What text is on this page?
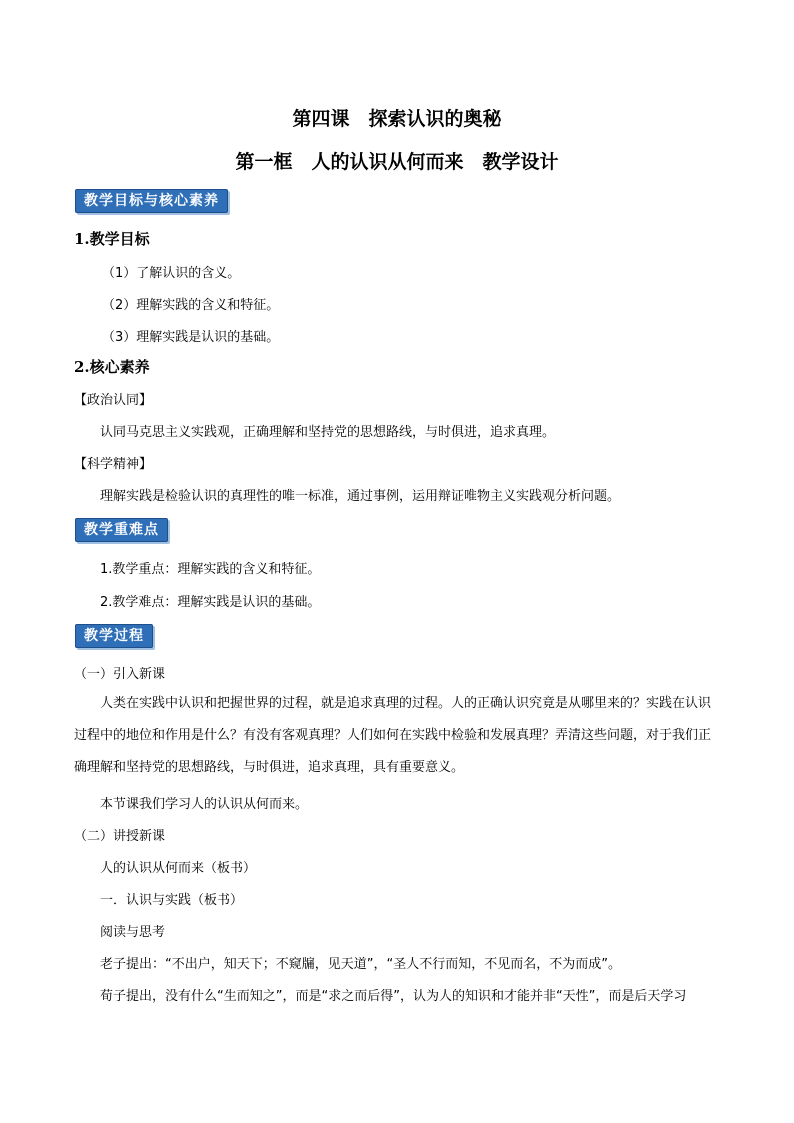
第四课　探索认识的奥秘
第一框　人的认识从何而来　教学设计
教学目标与核心素养
1.教学目标
（1）了解认识的含义。
（2）理解实践的含义和特征。
（3）理解实践是认识的基础。
2.核心素养
【政治认同】
认同马克思主义实践观，正确理解和坚持党的思想路线，与时俱进，追求真理。
【科学精神】
理解实践是检验认识的真理性的唯一标准，通过事例，运用辩证唯物主义实践观分析问题。
教学重难点
1.教学重点：理解实践的含义和特征。
2.教学难点：理解实践是认识的基础。
教学过程
（一）引入新课
人类在实践中认识和把握世界的过程，就是追求真理的过程。人的正确认识究竟是从哪里来的？实践在认识过程中的地位和作用是什么？有没有客观真理？人们如何在实践中检验和发展真理？弄清这些问题，对于我们正确理解和坚持党的思想路线，与时俱进，追求真理，具有重要意义。
本节课我们学习人的认识从何而来。
（二）讲授新课
人的认识从何而来（板书）
一．认识与实践（板书）
阅读与思考
老子提出：“不出户，知天下；不窥牖，见天道”，“圣人不行而知，不见而名，不为而成”。
荀子提出，没有什么“生而知之”，而是“求之而后得”，认为人的知识和才能并非“天性”，而是后天学习
